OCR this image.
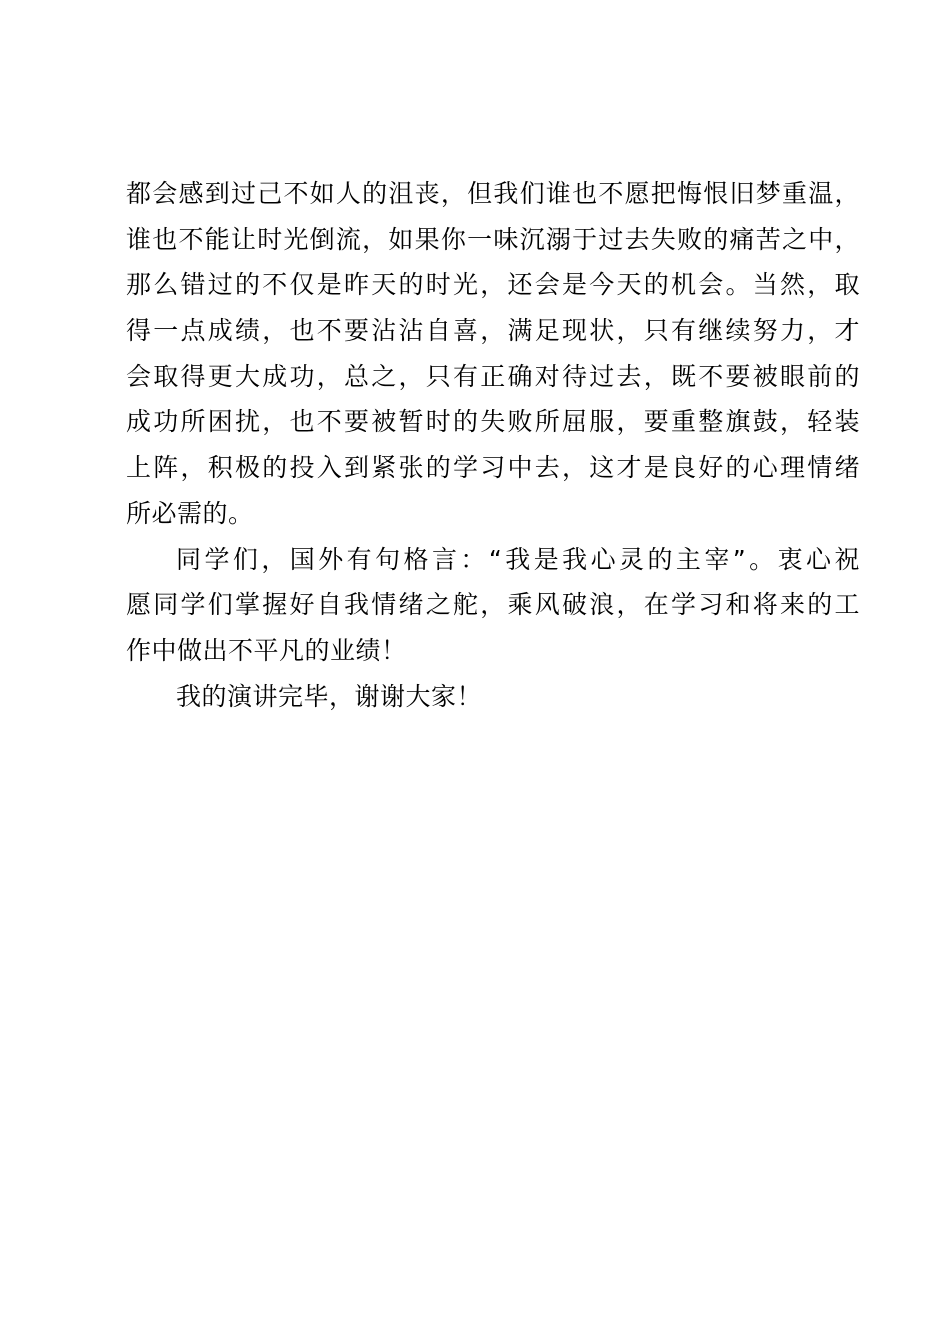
都会感到过己不如人的沮丧，但我们谁也不愿把悔恨旧梦重温，
谁也不能让时光倒流，如果你一味沉溺于过去失败的痛苦之中，
那么错过的不仅是昨天的时光，还会是今天的机会。当然，取
得一点成绩，也不要沾沾自喜，满足现状，只有继续努力，才
会取得更大成功，总之，只有正确对待过去，既不要被眼前的
成功所困扰，也不要被暂时的失败所屈服，要重整旗鼓，轻装
上阵，积极的投入到紧张的学习中去，这才是良好的心理情绪
所必需的。
同学们，国外有句格言：“我是我心灵的主宰”。衷心祝
愿同学们掌握好自我情绪之舵，乘风破浪，在学习和将来的工
作中做出不平凡的业绩！
我的演讲完毕，谢谢大家！
